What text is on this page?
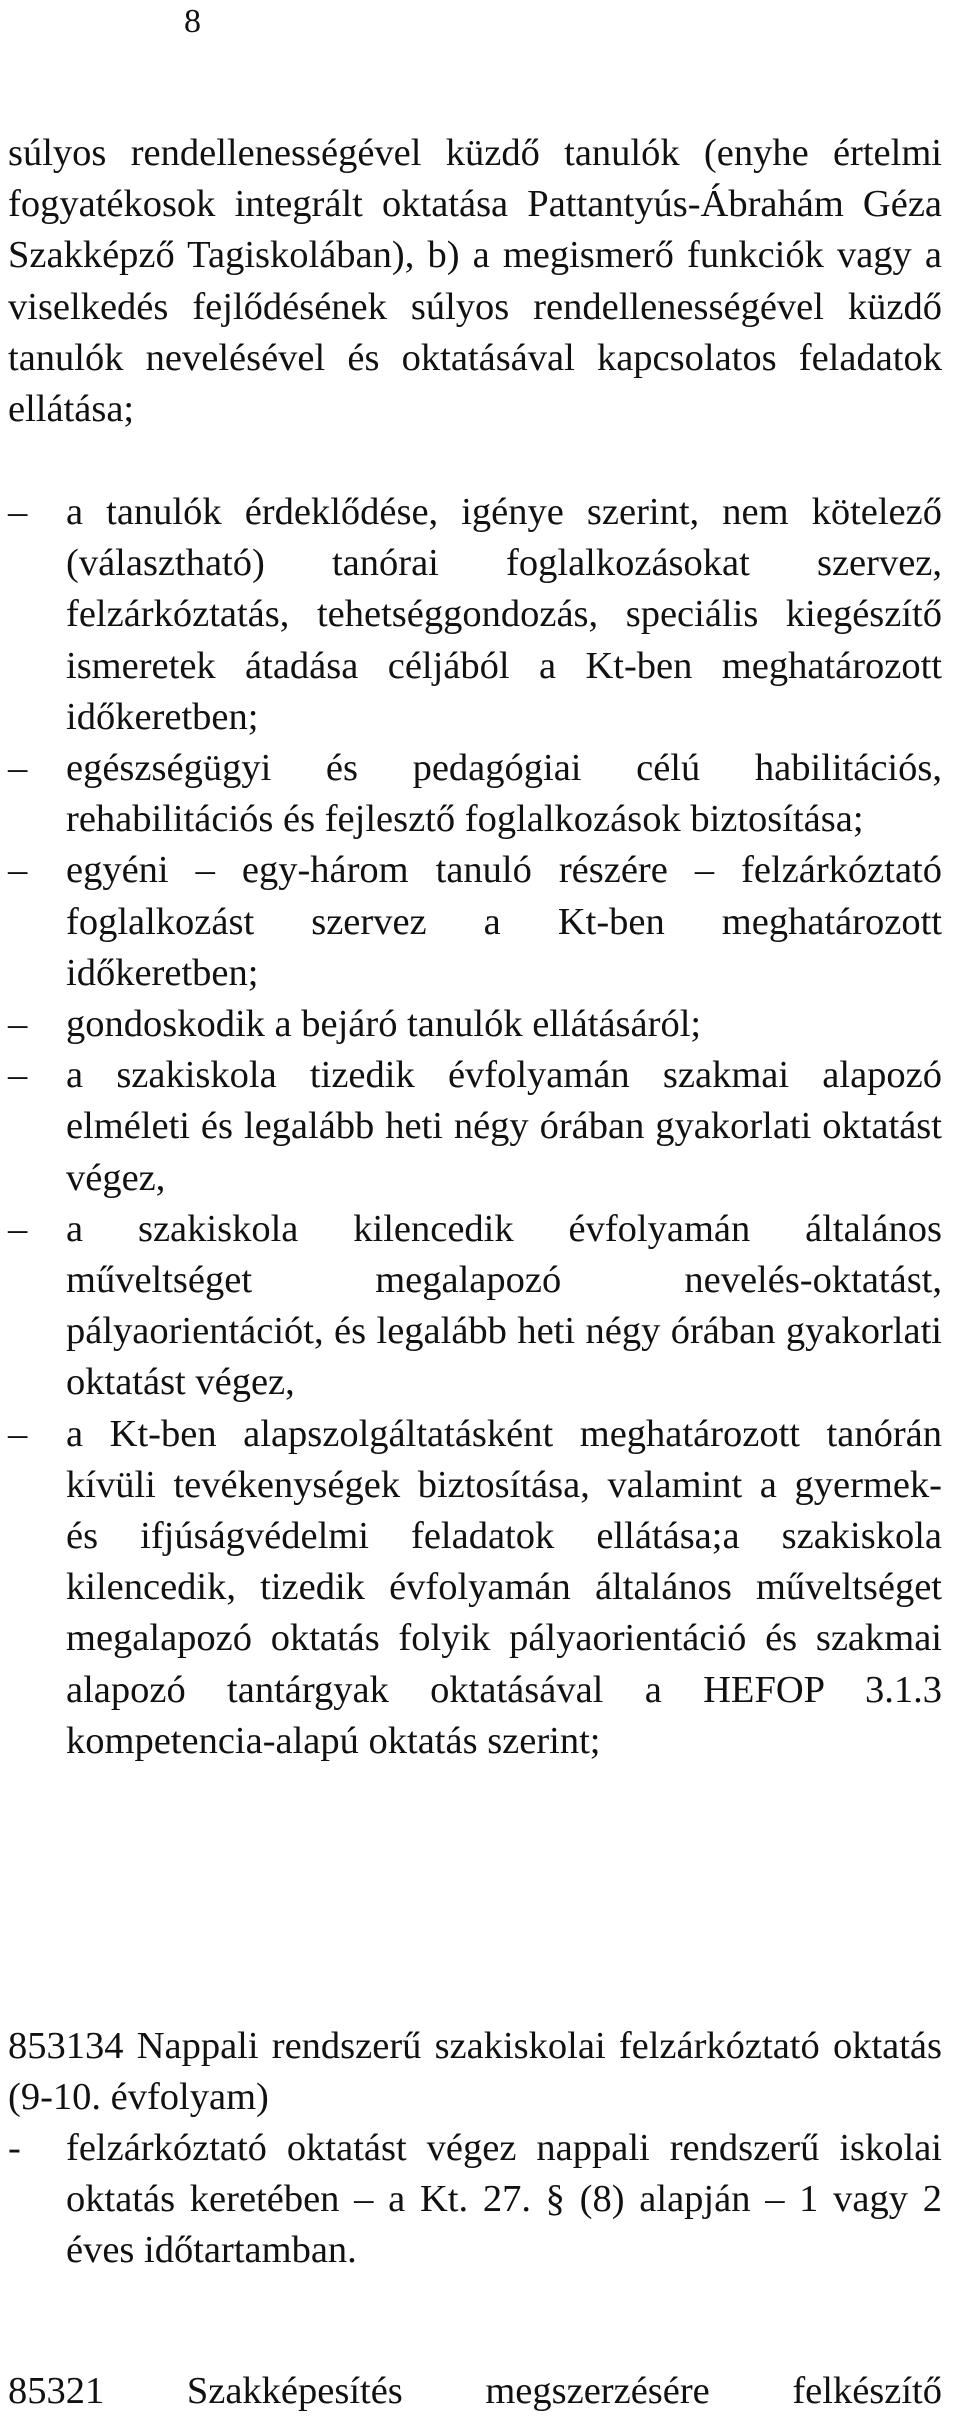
8

súlyos rendellenességével küzdő tanulók (enyhe értelmi fogyatékosok integrált oktatása Pattantyús-Ábrahám Géza Szakképző Tagiskolában), b) a megismerő funkciók vagy a viselkedés fejlődésének súlyos rendellenességével küzdő tanulók nevelésével és oktatásával kapcsolatos feladatok ellátása;

–	a tanulók érdeklődése, igénye szerint, nem kötelező (választható) tanórai foglalkozásokat szervez, felzárkóztatás, tehetséggondozás, speciális kiegészítő ismeretek átadása céljából a Kt-ben meghatározott időkeretben;
–	egészségügyi és pedagógiai célú habilitációs, rehabilitációs és fejlesztő foglalkozások biztosítása;
–	egyéni – egy-három tanuló részére – felzárkóztató foglalkozást szervez a Kt-ben meghatározott időkeretben;
–	gondoskodik a bejáró tanulók ellátásáról;
–	a szakiskola tizedik évfolyamán szakmai alapozó elméleti és legalább heti négy órában gyakorlati oktatást végez,
–	a szakiskola kilencedik évfolyamán általános műveltséget megalapozó nevelés-oktatást, pályaorientációt, és legalább heti négy órában gyakorlati oktatást végez,
–	a Kt-ben alapszolgáltatásként meghatározott tanórán kívüli tevékenységek biztosítása, valamint a gyermek- és ifjúságvédelmi feladatok ellátása;a szakiskola kilencedik, tizedik évfolyamán általános műveltséget megalapozó oktatás folyik pályaorientáció és szakmai alapozó tantárgyak oktatásával a HEFOP 3.1.3 kompetencia-alapú oktatás szerint;

853134 Nappali rendszerű szakiskolai felzárkóztató oktatás (9-10. évfolyam)

- felzárkóztató oktatást végez nappali rendszerű iskolai oktatás keretében – a Kt. 27. § (8) alapján – 1 vagy 2 éves időtartamban.

85321 Szakképesítés megszerzésére felkészítő
